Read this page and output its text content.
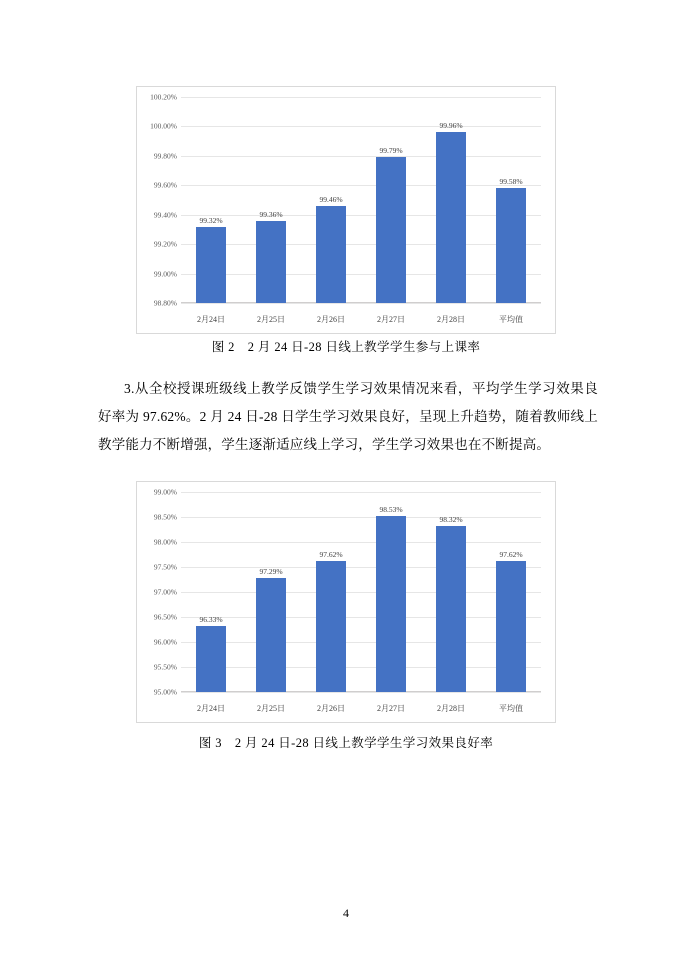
100.20%
100.00%
99.80%
99.60%
99.40%
99.20%
99.00%
98.80%
99.32%
99.36%
99.46%
99.79%
99.96%
99.58%
2月24日	2月25日	2月26日	2月27日	2月28日	平均值
图 2　2 月 24 日-28 日线上教学学生参与上课率

3.从全校授课班级线上教学反馈学生学习效果情况来看，平均学生学习效果良好率为 97.62%。2 月 24 日-28 日学生学习效果良好，呈现上升趋势，随着教师线上教学能力不断增强，学生逐渐适应线上学习，学生学习效果也在不断提高。

99.00%
98.50%
98.00%
97.50%
97.00%
96.50%
96.00%
95.50%
95.00%
96.33%
97.29%
97.62%
98.53%
98.32%
97.62%
2月24日	2月25日	2月26日	2月27日	2月28日	平均值
图 3　2 月 24 日-28 日线上教学学生学习效果良好率
4
